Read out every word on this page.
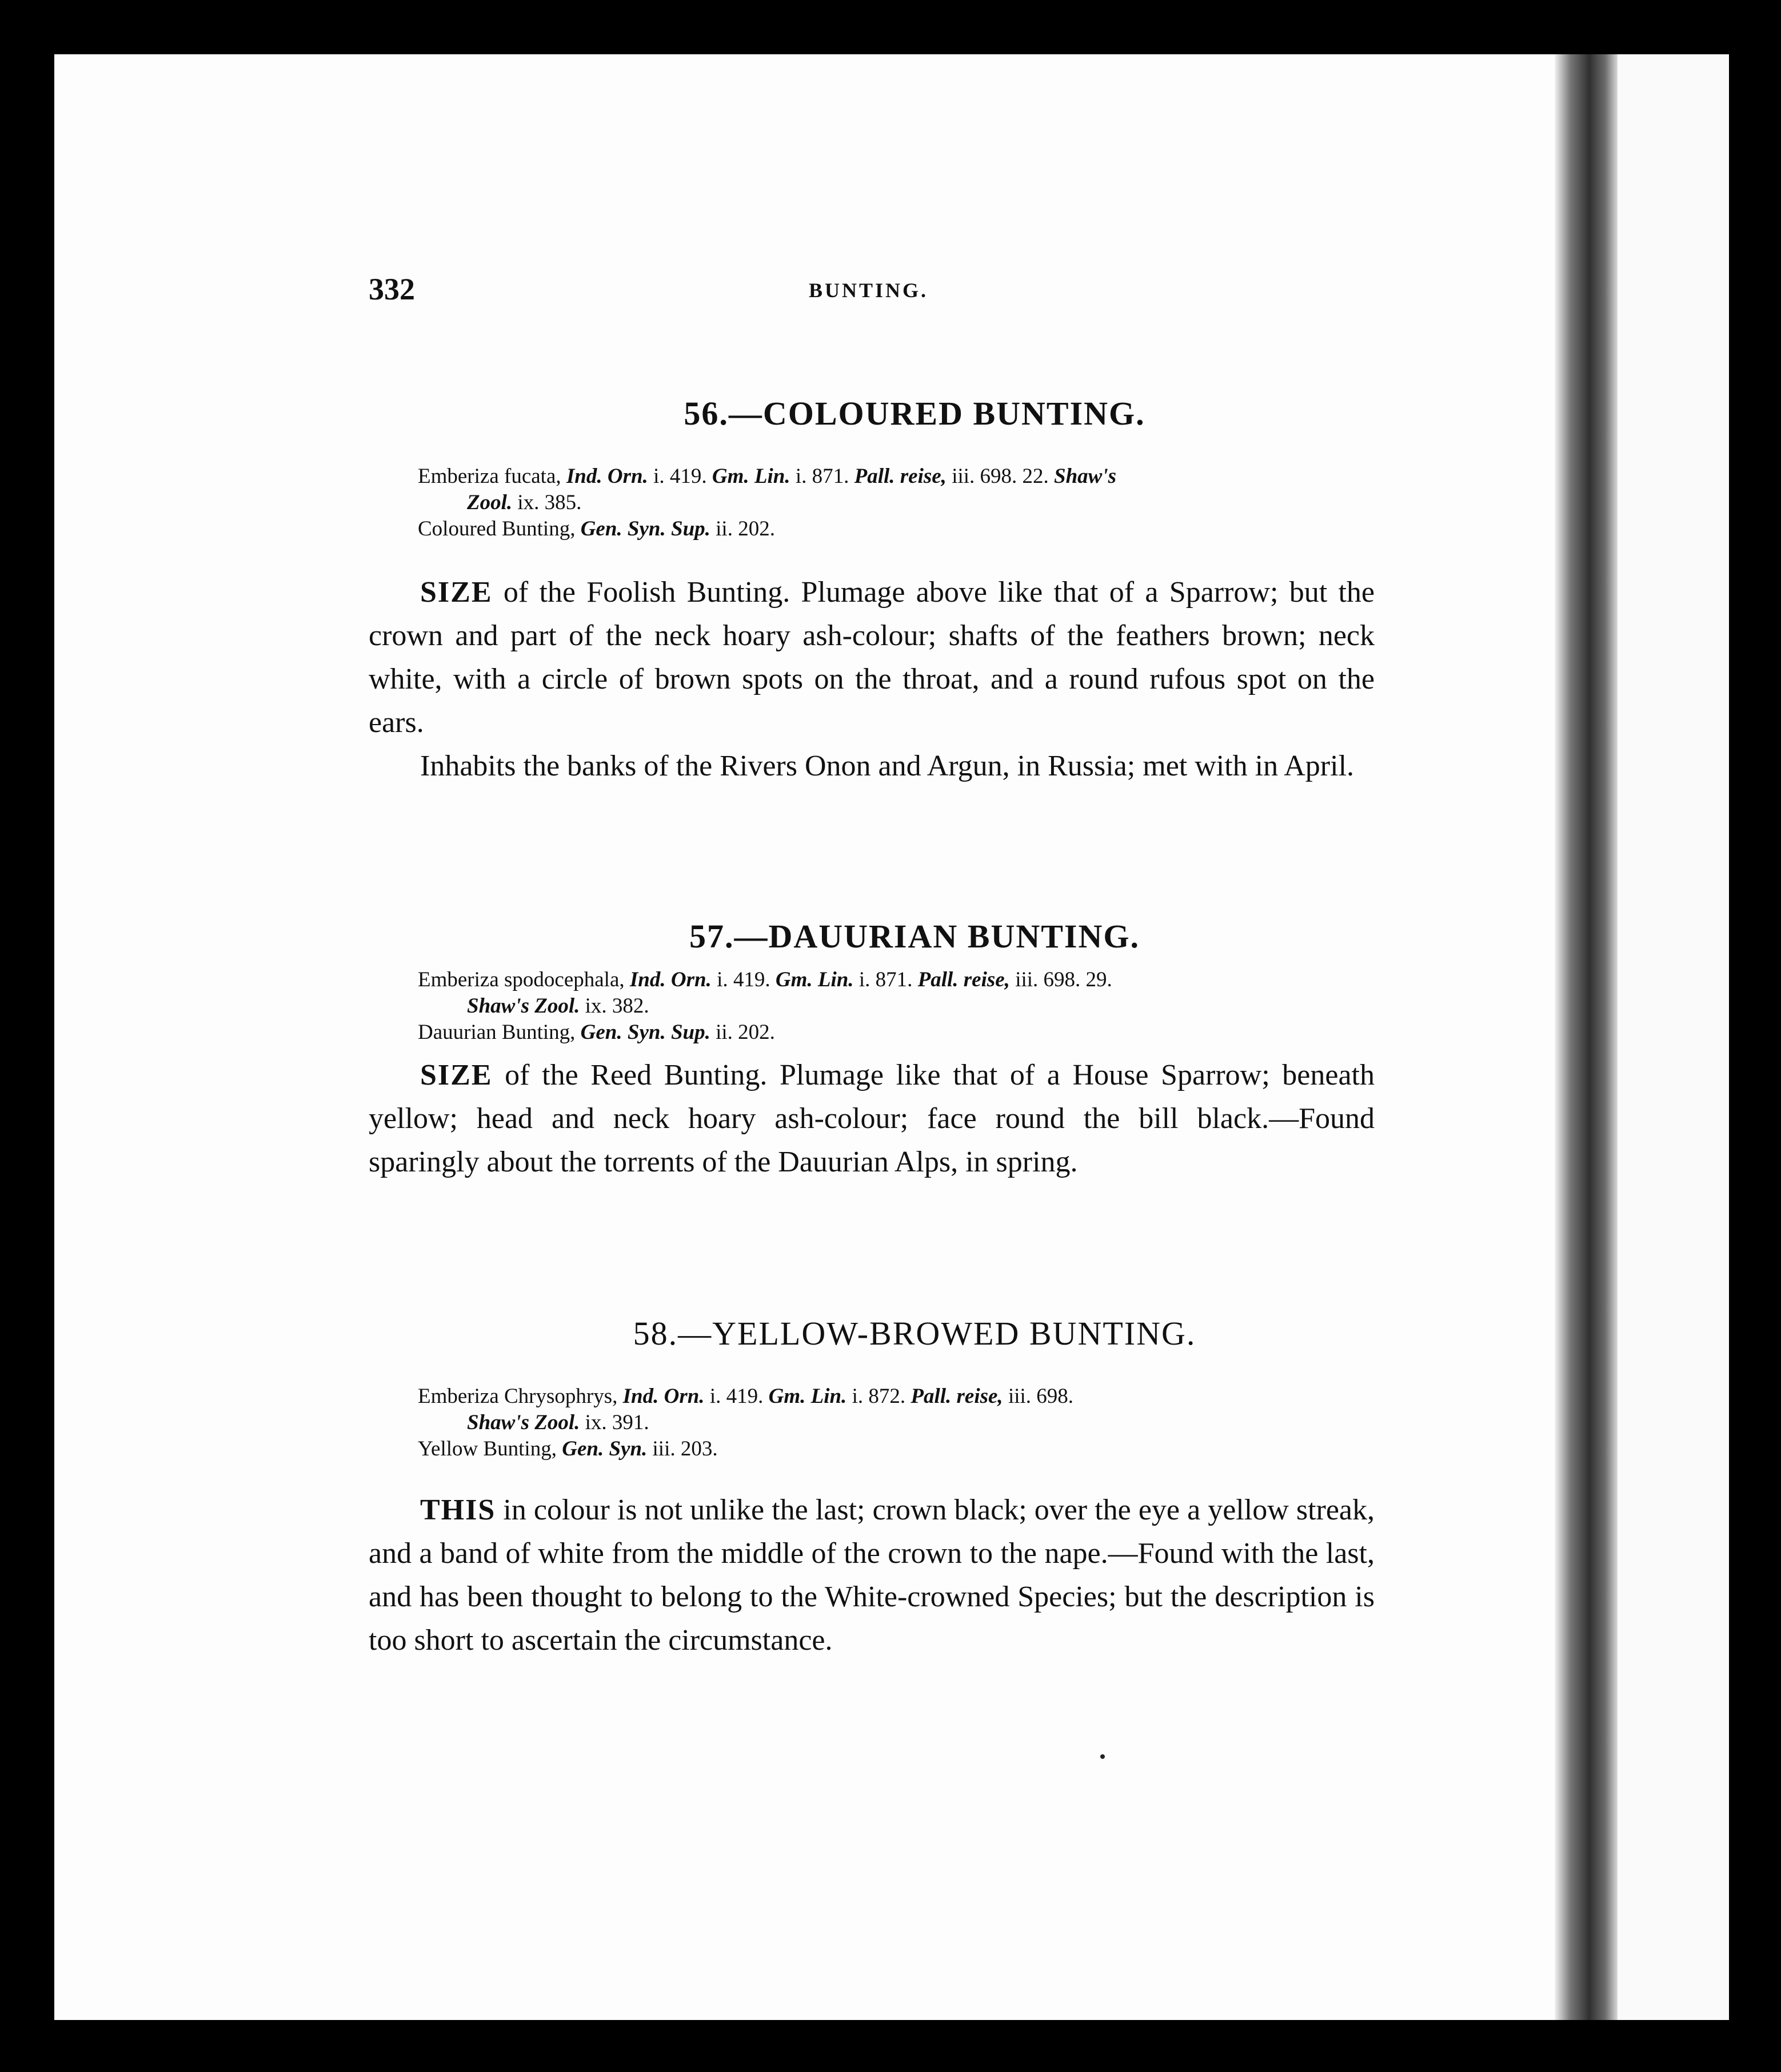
332	BUNTING.
56.—COLOURED BUNTING.

Emberiza fucata, Ind. Orn. i. 419. Gm. Lin. i. 871. Pall. reise, iii. 698. 22. Shaw's
Zool. ix. 385.
Coloured Bunting, Gen. Syn. Sup. ii. 202.

SIZE of the Foolish Bunting. Plumage above like that of a Sparrow; but the crown and part of the neck hoary ash-colour; shafts of the feathers brown; neck white, with a circle of brown spots on the throat, and a round rufous spot on the ears.

Inhabits the banks of the Rivers Onon and Argun, in Russia; met with in April.

57.—DAUURIAN BUNTING.

Emberiza spodocephala, Ind. Orn. i. 419. Gm. Lin. i. 871. Pall. reise, iii. 698. 29.
Shaw's Zool. ix. 382.
Dauurian Bunting, Gen. Syn. Sup. ii. 202.

SIZE of the Reed Bunting. Plumage like that of a House Sparrow; beneath yellow; head and neck hoary ash-colour; face round the bill black.—Found sparingly about the torrents of the Dauurian Alps, in spring.

58.—YELLOW-BROWED BUNTING.

Emberiza Chrysophrys, Ind. Orn. i. 419. Gm. Lin. i. 872. Pall. reise, iii. 698.
Shaw's Zool. ix. 391.
Yellow Bunting, Gen. Syn. iii. 203.

THIS in colour is not unlike the last; crown black; over the eye a yellow streak, and a band of white from the middle of the crown to the nape.—Found with the last, and has been thought to belong to the White-crowned Species; but the description is too short to ascertain the circumstance.
